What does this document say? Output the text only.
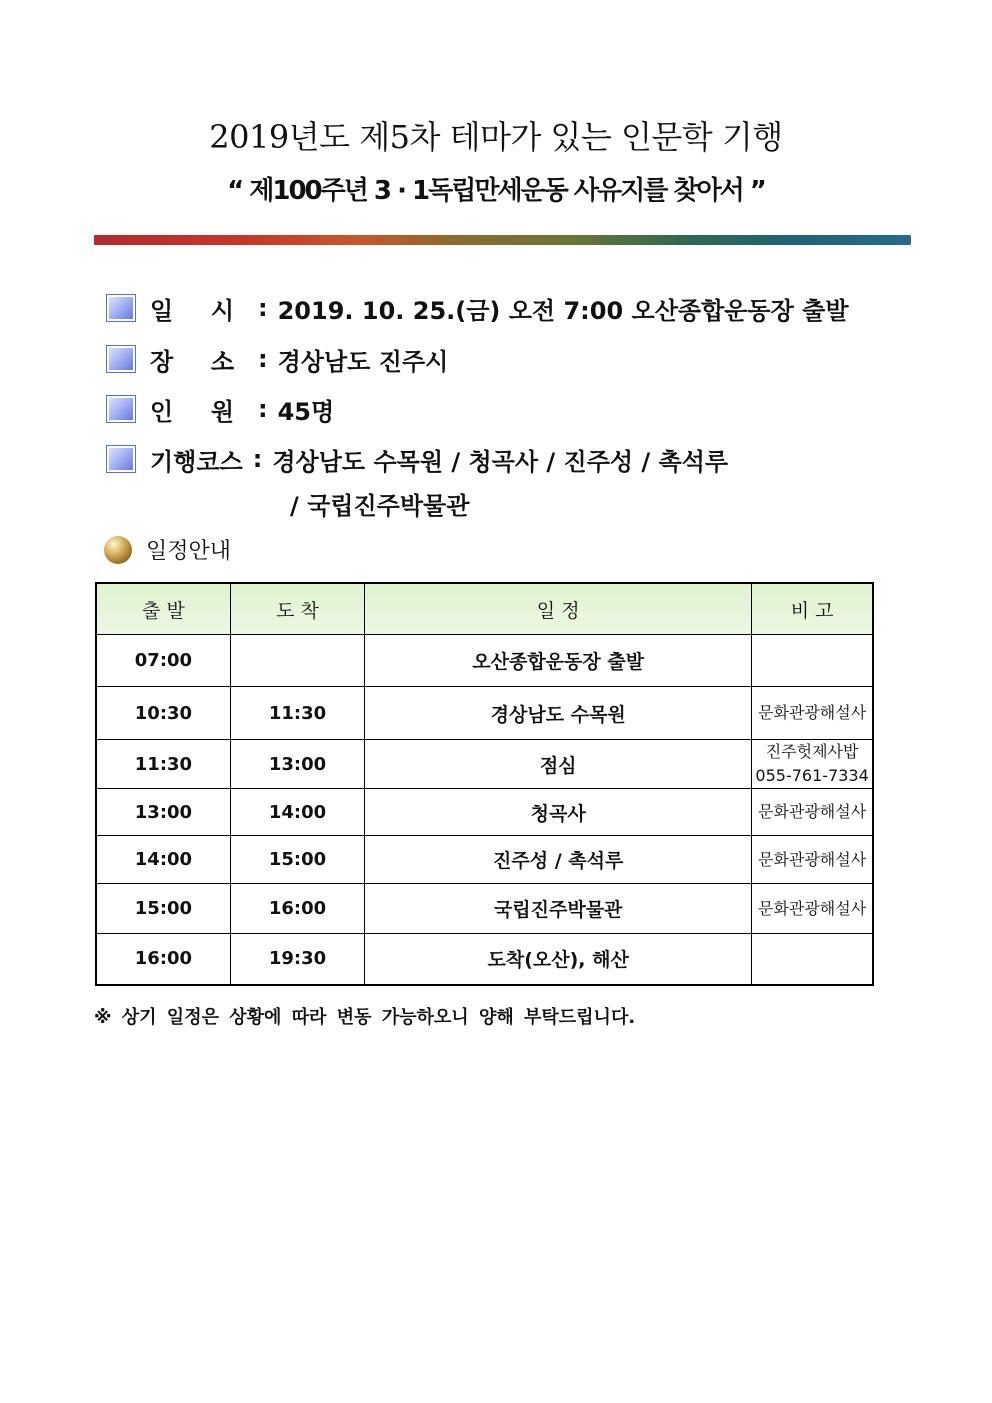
2019년도 제5차 테마가 있는 인문학 기행
“ 제100주년 3 · 1독립만세운동 사유지를 찾아서 ”
일 시 : 2019. 10. 25.(금) 오전 7:00 오산종합운동장 출발
장 소 : 경상남도 진주시
인 원 : 45명
기행코스 : 경상남도 수목원 / 청곡사 / 진주성 / 촉석루
/ 국립진주박물관
일정안내
출 발	도 착	일 정	비 고
07:00		오산종합운동장 출발	

10:30	11:30	경상남도 수목원	문화관광해설사

11:30	13:00	점심	진주헛제사밥
055-761-7334

13:00	14:00	청곡사	문화관광해설사

14:00	15:00	진주성 / 촉석루	문화관광해설사

15:00	16:00	국립진주박물관	문화관광해설사

16:00	19:30	도착(오산), 해산	
※ 상기 일정은 상황에 따라 변동 가능하오니 양해 부탁드립니다.
